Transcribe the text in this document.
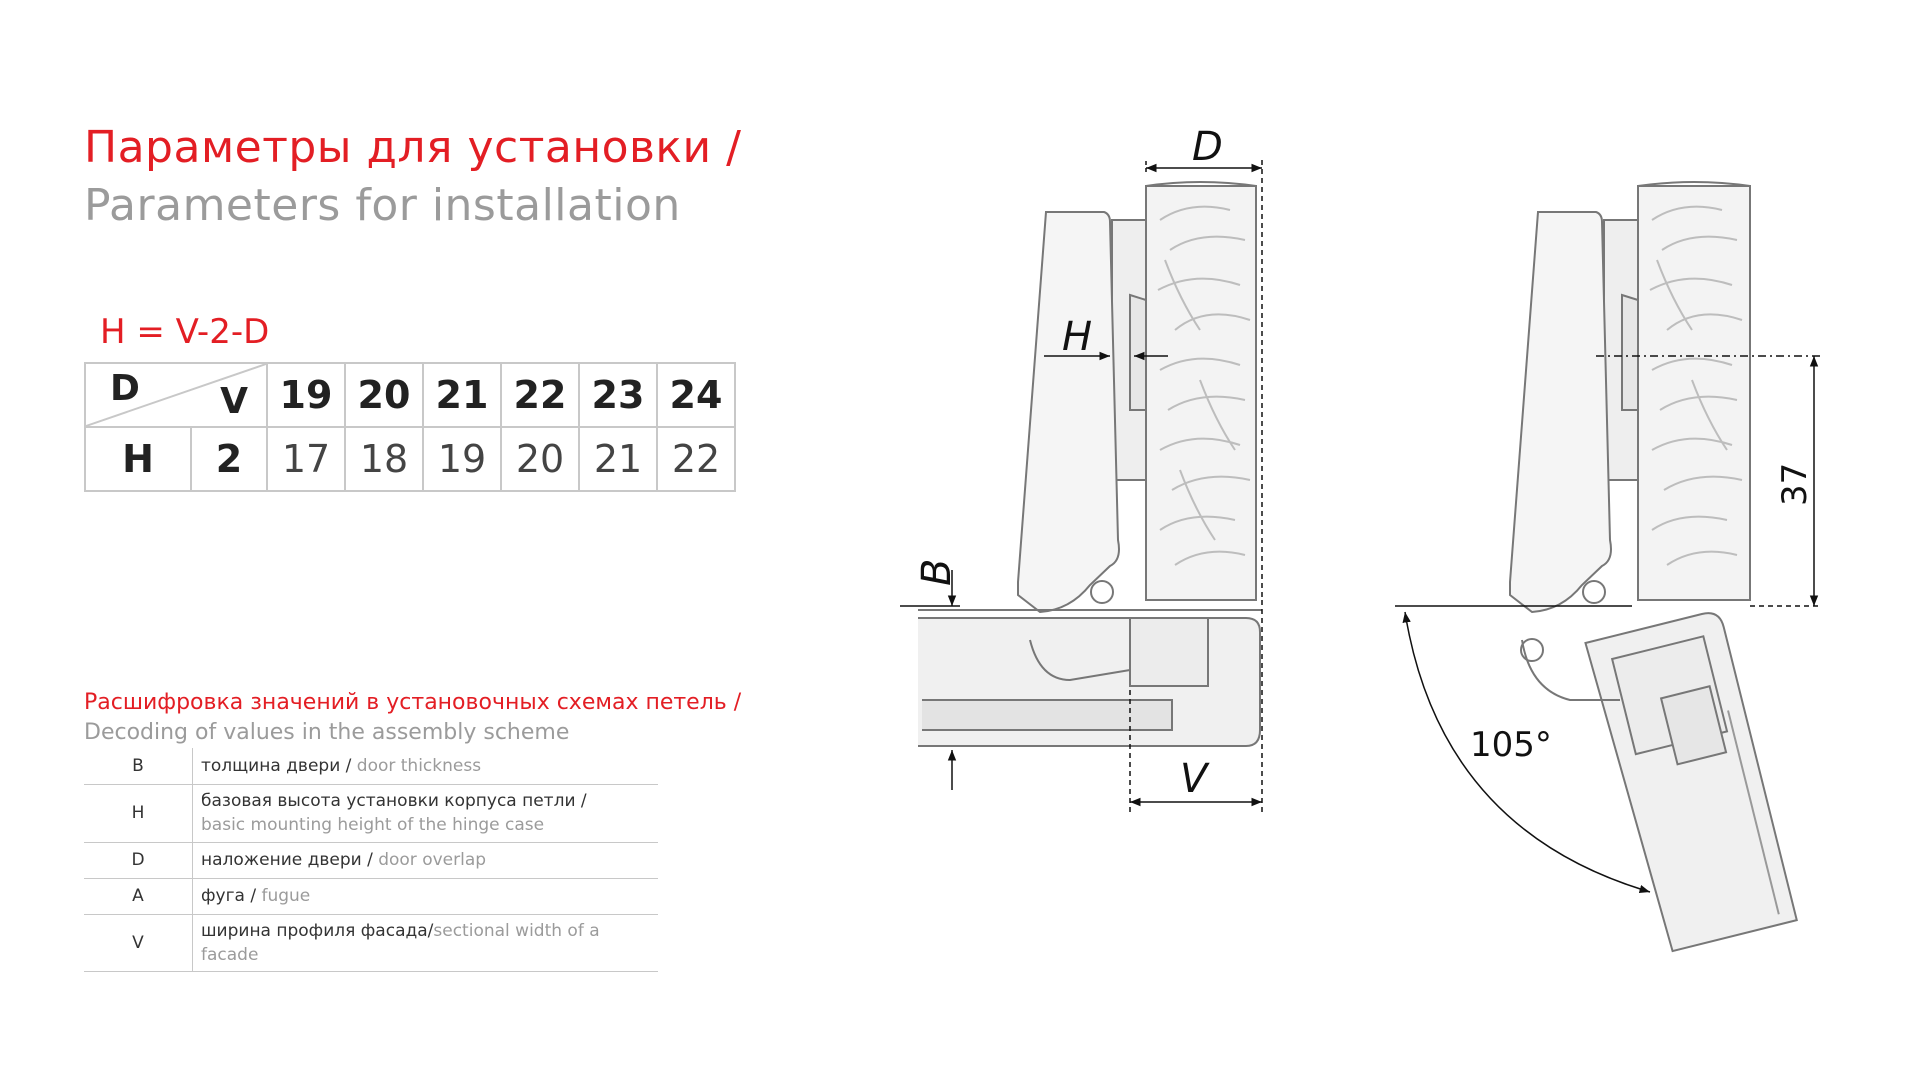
Параметры для установки /
Parameters for installation
H = V-2-D
D V		19	20	21	22	23	24
H	2	17	18	19	20	21	22
Расшифровка значений в установочных схемах петель /
Decoding of values in the assembly scheme
B	толщина двери / door thickness
H	базовая высота установки корпуса петли /
basic mounting height of the hinge case
D	наложение двери / door overlap
A	фуга / fugue
V	ширина профиля фасада/sectional width of a facade
D
H
B
V
37
105°
